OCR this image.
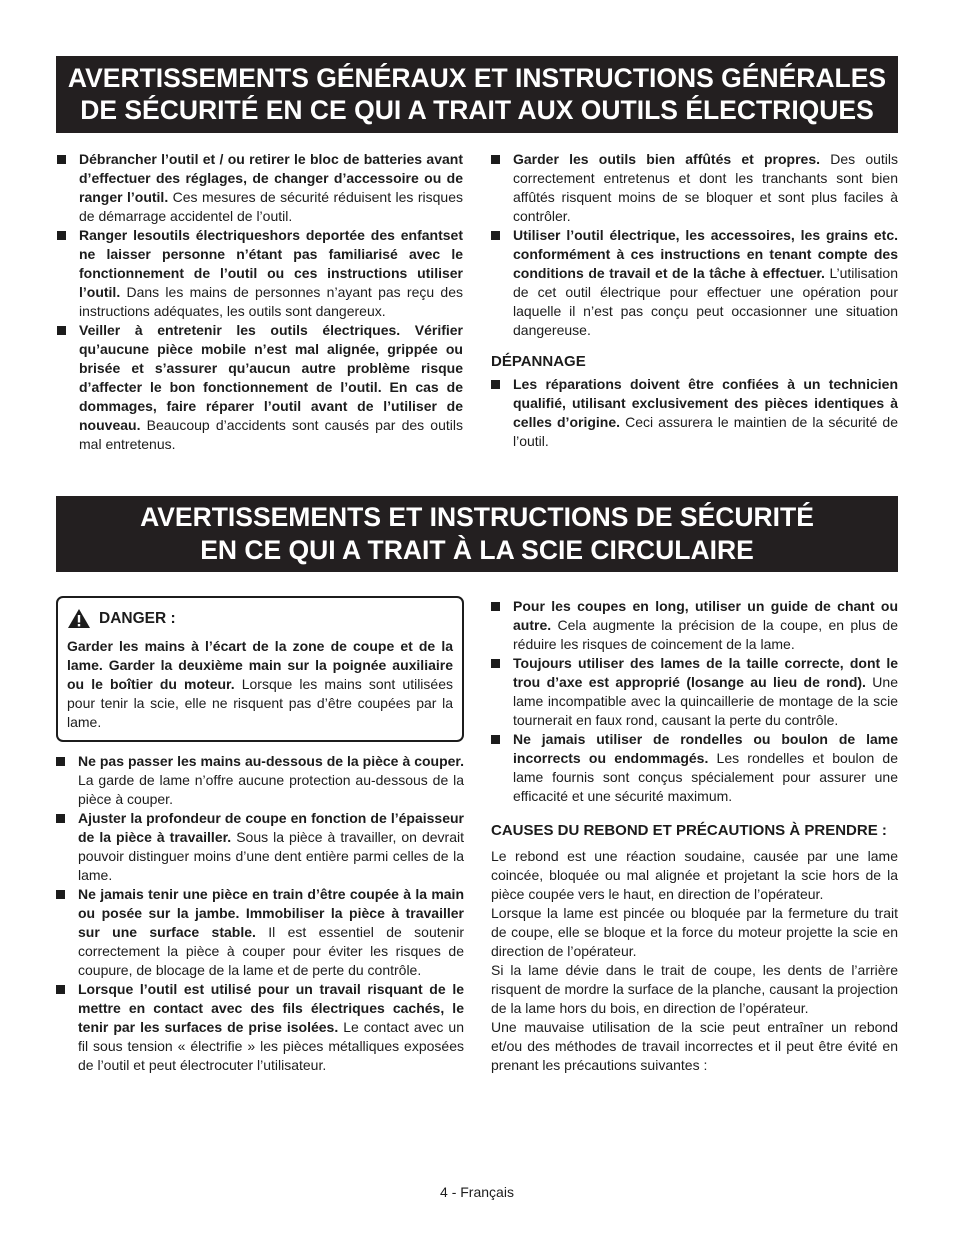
AVERTISSEMENTS GÉNÉRAUX ET INSTRUCTIONS GÉNÉRALES
DE SÉCURITÉ EN CE QUI A TRAIT AUX OUTILS ÉLECTRIQUES

Débrancher l’outil et / ou retirer le bloc de batteries avant d’effectuer des réglages, de changer d’accessoire ou de ranger l’outil. Ces mesures de sécurité réduisent les risques de démarrage accidentel de l’outil.

Ranger lesoutils électriqueshors deportée des enfantset ne laisser personne n’étant pas familiarisé avec le fonctionnement de l’outil ou ces instructions utiliser l’outil. Dans les mains de personnes n’ayant pas reçu des instructions adéquates, les outils sont dangereux.

Veiller à entretenir les outils électriques. Vérifier qu’aucune pièce mobile n’est mal alignée, grippée ou brisée et s’assurer qu’aucun autre problème risque d’affecter le bon fonctionnement de l’outil. En cas de dommages, faire réparer l’outil avant de l’utiliser de nouveau. Beaucoup d’accidents sont causés par des outils mal entretenus.

Garder les outils bien affûtés et propres. Des outils correctement entretenus et dont les tranchants sont bien affûtés risquent moins de se bloquer et sont plus faciles à contrôler.

Utiliser l’outil électrique, les accessoires, les grains etc. conformément à ces instructions en tenant compte des conditions de travail et de la tâche à effectuer. L’utilisation de cet outil électrique pour effectuer une opération pour laquelle il n’est pas conçu peut occasionner une situation dangereuse.

DÉPANNAGE

Les réparations doivent être confiées à un technicien qualifié, utilisant exclusivement des pièces identiques à celles d’origine. Ceci assurera le maintien de la sécurité de l’outil.

AVERTISSEMENTS ET INSTRUCTIONS DE SÉCURITÉ
EN CE QUI A TRAIT À LA SCIE CIRCULAIRE
DANGER :

Garder les mains à l’écart de la zone de coupe et de la lame. Garder la deuxième main sur la poignée auxiliaire ou le boîtier du moteur. Lorsque les mains sont utilisées pour tenir la scie, elle ne risquent pas d’être coupées par la lame.

Ne pas passer les mains au-dessous de la pièce à couper. La garde de lame n’offre aucune protection au-dessous de la pièce à couper.

Ajuster la profondeur de coupe en fonction de l’épaisseur de la pièce à travailler. Sous la pièce à travailler, on devrait pouvoir distinguer moins d’une dent entière parmi celles de la lame.

Ne jamais tenir une pièce en train d’être coupée à la main ou posée sur la jambe. Immobiliser la pièce à travailler sur une surface stable. Il est essentiel de soutenir correctement la pièce à couper pour éviter les risques de coupure, de blocage de la lame et de perte du contrôle.

Lorsque l’outil est utilisé pour un travail risquant de le mettre en contact avec des fils électriques cachés, le tenir par les surfaces de prise isolées. Le contact avec un fil sous tension « électrifie » les pièces métalliques exposées de l’outil et peut électrocuter l’utilisateur.

Pour les coupes en long, utiliser un guide de chant ou autre. Cela augmente la précision de la coupe, en plus de réduire les risques de coincement de la lame.

Toujours utiliser des lames de la taille correcte, dont le trou d’axe est approprié (losange au lieu de rond). Une lame incompatible avec la quincaillerie de montage de la scie tournerait en faux rond, causant la perte du contrôle.

Ne jamais utiliser de rondelles ou boulon de lame incorrects ou endommagés. Les rondelles et boulon de lame fournis sont conçus spécialement pour assurer une efficacité et une sécurité maximum.

CAUSES DU REBOND ET PRÉCAUTIONS À PRENDRE :

Le rebond est une réaction soudaine, causée par une lame coincée, bloquée ou mal alignée et projetant la scie hors de la pièce coupée vers le haut, en direction de l’opérateur.

Lorsque la lame est pincée ou bloquée par la fermeture du trait de coupe, elle se bloque et la force du moteur projette la scie en direction de l’opérateur.

Si la lame dévie dans le trait de coupe, les dents de l’arrière risquent de mordre la surface de la planche, causant la projection de la lame hors du bois, en direction de l’opérateur.

Une mauvaise utilisation de la scie peut entraîner un rebond et/ou des méthodes de travail incorrectes et il peut être évité en prenant les précautions suivantes :

4 - Français
